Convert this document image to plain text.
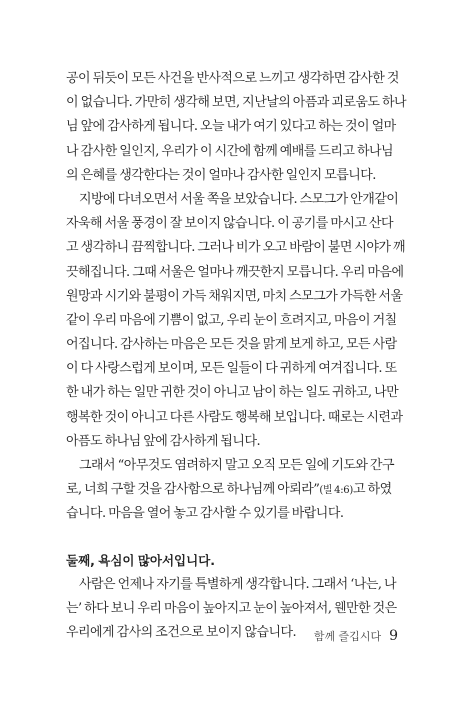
공이 뒤듯이 모든 사건을 반사적으로 느끼고 생각하면 감사한 것
이 없습니다. 가만히 생각해 보면, 지난날의 아픔과 괴로움도 하나
님 앞에 감사하게 됩니다. 오늘 내가 여기 있다고 하는 것이 얼마
나 감사한 일인지, 우리가 이 시간에 함께 예배를 드리고 하나님
의 은혜를 생각한다는 것이 얼마나 감사한 일인지 모릅니다.
지방에 다녀오면서 서울 쪽을 보았습니다. 스모그가 안개같이
자욱해 서울 풍경이 잘 보이지 않습니다. 이 공기를 마시고 산다
고 생각하니 끔찍합니다. 그러나 비가 오고 바람이 불면 시야가 깨
끗해집니다. 그때 서울은 얼마나 깨끗한지 모릅니다. 우리 마음에
원망과 시기와 불평이 가득 채워지면, 마치 스모그가 가득한 서울
같이 우리 마음에 기쁨이 없고, 우리 눈이 흐려지고, 마음이 거칠
어집니다. 감사하는 마음은 모든 것을 맑게 보게 하고, 모든 사람
이 다 사랑스럽게 보이며, 모든 일들이 다 귀하게 여겨집니다. 또
한 내가 하는 일만 귀한 것이 아니고 남이 하는 일도 귀하고, 나만
행복한 것이 아니고 다른 사람도 행복해 보입니다. 때로는 시련과
아픔도 하나님 앞에 감사하게 됩니다.
그래서 “아무것도 염려하지 말고 오직 모든 일에 기도와 간구
로, 너희 구할 것을 감사함으로 하나님께 아뢰라”(빌 4:6)고 하였
습니다. 마음을 열어 놓고 감사할 수 있기를 바랍니다.
둘째, 욕심이 많아서입니다.
사람은 언제나 자기를 특별하게 생각합니다. 그래서 ‘나는, 나
는’ 하다 보니 우리 마음이 높아지고 눈이 높아져서, 웬만한 것은
우리에게 감사의 조건으로 보이지 않습니다.	함께 즐깁시다 9
